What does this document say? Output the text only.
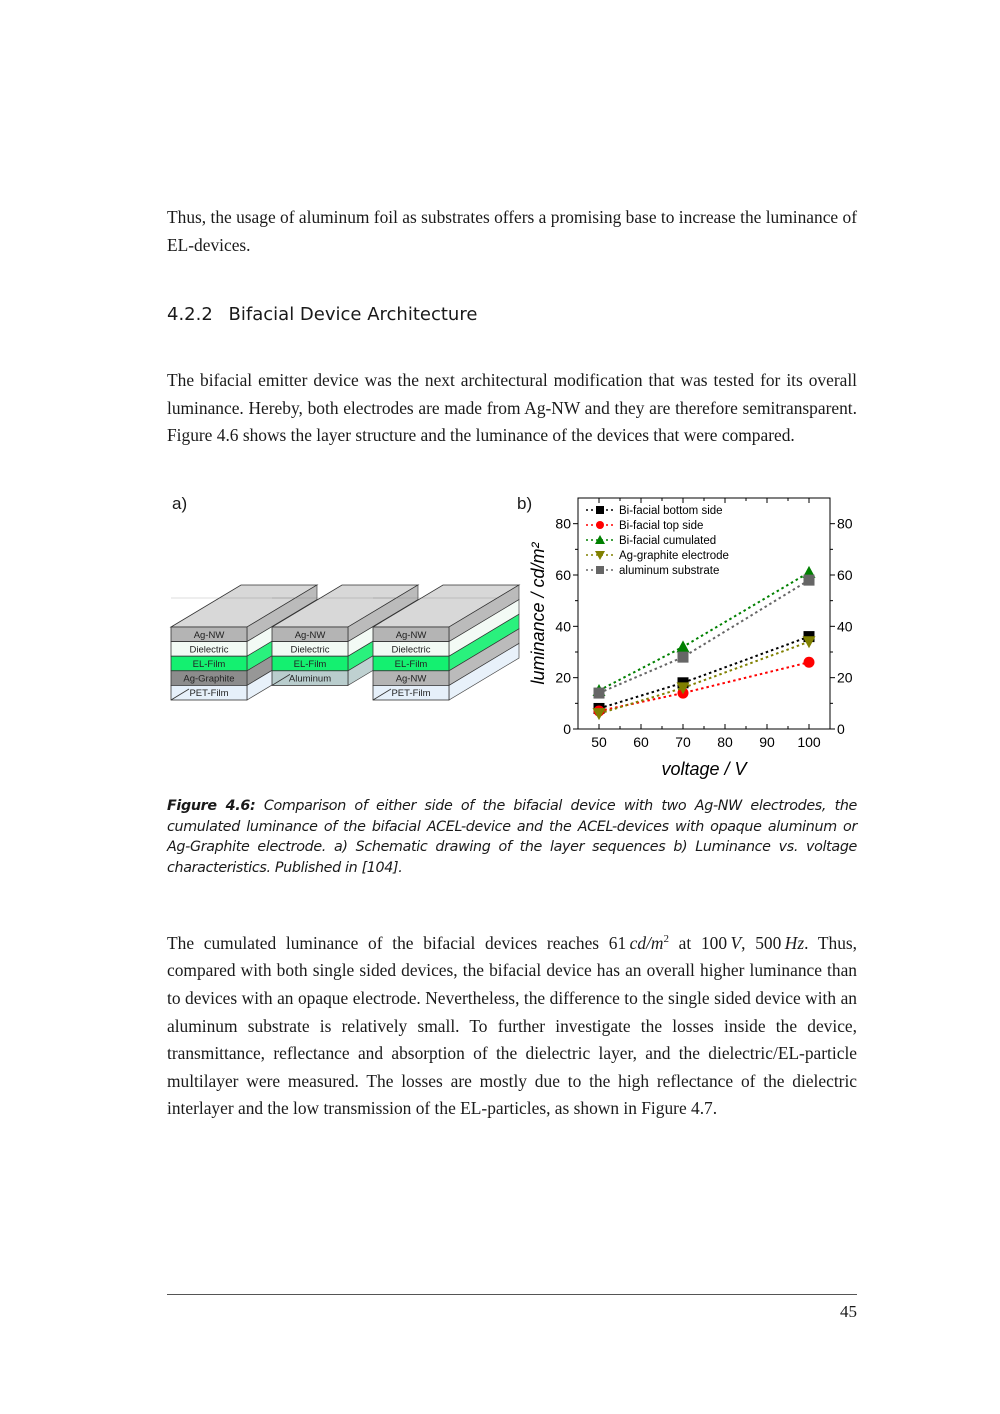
Thus, the usage of aluminum foil as substrates offers a promising base to increase the luminance of EL-devices.
4.2.2 Bifacial Device Architecture
The bifacial emitter device was the next architectural modification that was tested for its overall luminance. Hereby, both electrodes are made from Ag-NW and they are therefore semitransparent. Figure 4.6 shows the layer structure and the luminance of the devices that were compared.
a)	b)
Ag-NW
Dielectric
EL-Film
Ag-Graphite
PET-Film
Ag-NW
Dielectric
EL-Film
Aluminum
Ag-NW
Dielectric
EL-Film
Ag-NW
PET-Film
0	0
20	20
40	40
60	60
80	80
50 60 70 80 90 100
voltage / V
luminance / cd/m²
Bi-facial bottom side
Bi-facial top side
Bi-facial cumulated
Ag-graphite electrode
aluminum substrate
Figure 4.6: Comparison of either side of the bifacial device with two Ag-NW electrodes, the cumulated luminance of the bifacial ACEL-device and the ACEL-devices with opaque aluminum or Ag-Graphite electrode. a) Schematic drawing of the layer sequences b) Luminance vs. voltage characteristics. Published in [104].
The cumulated luminance of the bifacial devices reaches 61  $cd/m^2$ at 100  V, 500  Hz. Thus, compared with both single sided devices, the bifacial device has an overall higher luminance than to devices with an opaque electrode. Nevertheless, the difference to the single sided device with an aluminum substrate is relatively small. To further investigate the losses inside the device, transmittance, reflectance and absorption of the dielectric layer, and the dielectric/EL-particle multilayer were measured. The losses are mostly due to the high reflectance of the dielectric interlayer and the low transmission of the EL-particles, as shown in Figure 4.7.
45
